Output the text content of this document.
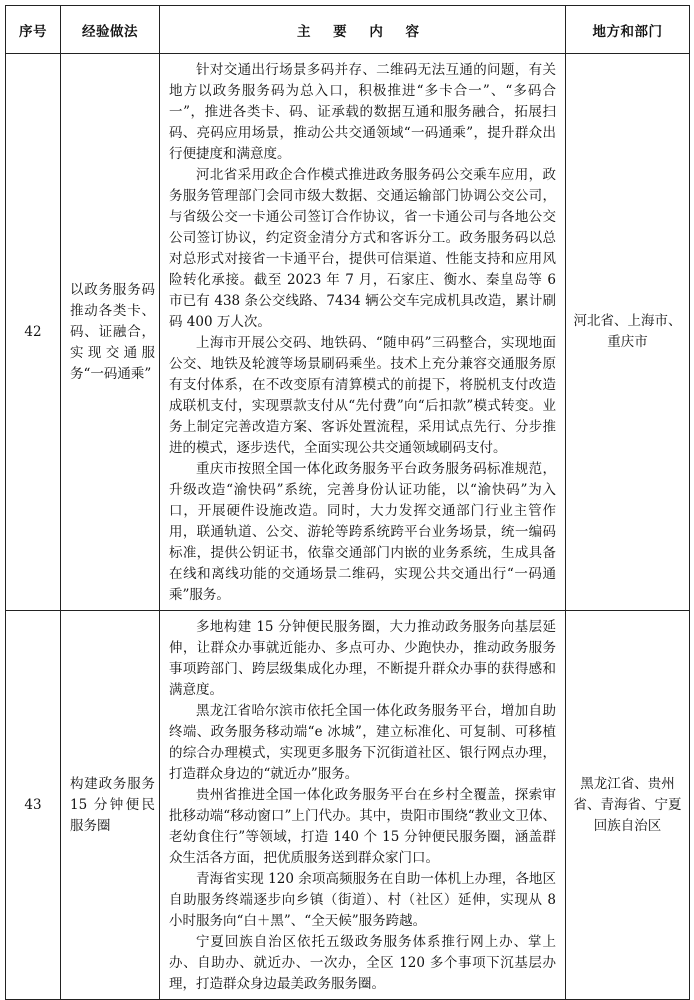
序号	经验做法	主 要 内 容	地方和部门
42	以政务服务码推动各类卡、码、证融合，实现交通服务“一码通乘”	针对交通出行场景多码并存、二维码无法互通的问题，有关地方以政务服务码为总入口，积极推进“多卡合一”、“多码合一”，推进各类卡、码、证承载的数据互通和服务融合，拓展扫码、亮码应用场景，推动公共交通领域“一码通乘”，提升群众出行便捷度和满意度。

河北省采用政企合作模式推进政务服务码公交乘车应用，政务服务管理部门会同市级大数据、交通运输部门协调公交公司，与省级公交一卡通公司签订合作协议，省一卡通公司与各地公交公司签订协议，约定资金清分方式和客诉分工。政务服务码以总对总形式对接省一卡通平台，提供可信渠道、性能支持和应用风险转化承接。截至 2023 年 7 月，石家庄、衡水、秦皇岛等 6 市已有 438 条公交线路、7434 辆公交车完成机具改造，累计刷码 400 万人次。

上海市开展公交码、地铁码、“随申码”三码整合，实现地面公交、地铁及轮渡等场景刷码乘坐。技术上充分兼容交通服务原有支付体系，在不改变原有清算模式的前提下，将脱机支付改造成联机支付，实现票款支付从“先付费”向“后扣款”模式转变。业务上制定完善改造方案、客诉处置流程，采用试点先行、分步推进的模式，逐步迭代，全面实现公共交通领域刷码支付。

重庆市按照全国一体化政务服务平台政务服务码标准规范，升级改造“渝快码”系统，完善身份认证功能，以“渝快码”为入口，开展硬件设施改造。同时，大力发挥交通部门行业主管作用，联通轨道、公交、游轮等跨系统跨平台业务场景，统一编码标准，提供公钥证书，依靠交通部门内嵌的业务系统，生成具备在线和离线功能的交通场景二维码，实现公共交通出行“一码通乘”服务。	河北省、上海市、重庆市
43	构建政务服务 15 分钟便民服务圈	多地构建 15 分钟便民服务圈，大力推动政务服务向基层延伸，让群众办事就近能办、多点可办、少跑快办，推动政务服务事项跨部门、跨层级集成化办理，不断提升群众办事的获得感和满意度。

黑龙江省哈尔滨市依托全国一体化政务服务平台，增加自助终端、政务服务移动端“e 冰城”，建立标准化、可复制、可移植的综合办理模式，实现更多服务下沉街道社区、银行网点办理，打造群众身边的“就近办”服务。

贵州省推进全国一体化政务服务平台在乡村全覆盖，探索审批移动端“移动窗口”上门代办。其中，贵阳市围绕“教业文卫体、老幼食住行”等领域，打造 140 个 15 分钟便民服务圈，涵盖群众生活各方面，把优质服务送到群众家门口。

青海省实现 120 余项高频服务在自助一体机上办理，各地区自助服务终端逐步向乡镇（街道）、村（社区）延伸，实现从 8 小时服务向“白＋黑”、“全天候”服务跨越。

宁夏回族自治区依托五级政务服务体系推行网上办、掌上办、自助办、就近办、一次办，全区 120 多个事项下沉基层办理，打造群众身边最美政务服务圈。	黑龙江省、贵州省、青海省、宁夏回族自治区
